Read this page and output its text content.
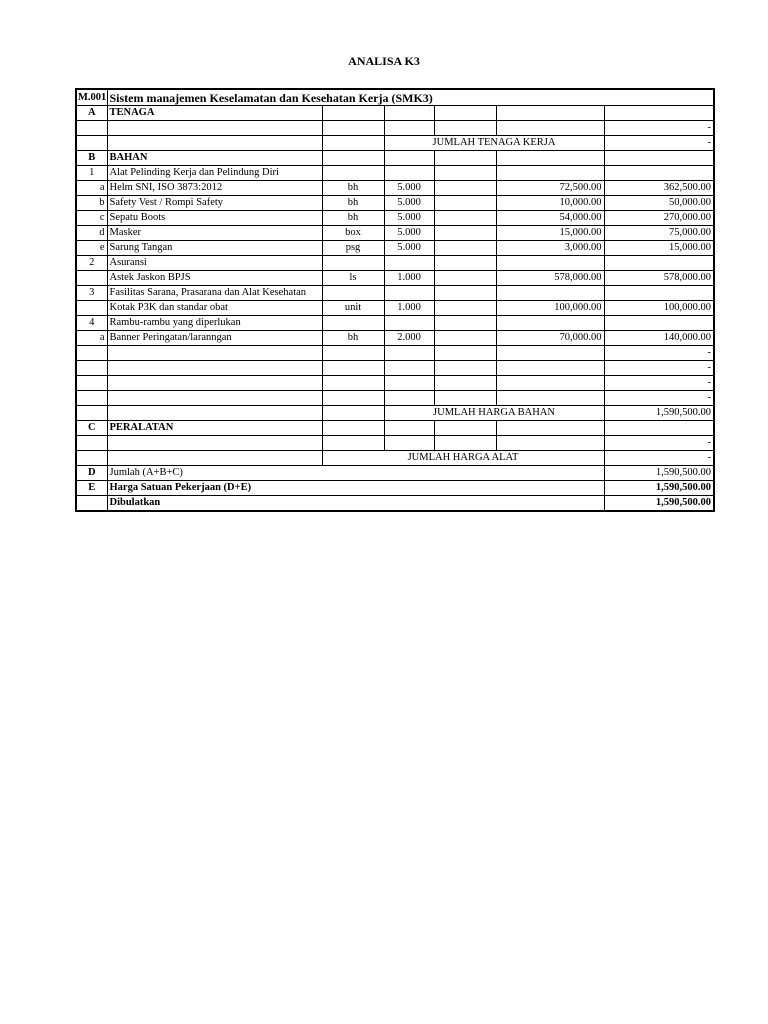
ANALISA K3
M.001	Sistem manajemen Keselamatan dan Kesehatan Kerja (SMK3)					
A	TENAGA					
						-
			JUMLAH TENAGA KERJA			-
B	BAHAN					
1	Alat Pelinding Kerja dan Pelindung Diri					
a	Helm SNI, ISO 3873:2012	bh	5.000		72,500.00	362,500.00
b	Safety Vest / Rompi Safety	bh	5.000		10,000.00	50,000.00
c	Sepatu Boots	bh	5.000		54,000.00	270,000.00
d	Masker	box	5.000		15,000.00	75,000.00
e	Sarung Tangan	psg	5.000		3,000.00	15,000.00
2	Asuransi					
	Astek Jaskon BPJS	ls	1.000		578,000.00	578,000.00
3	Fasilitas Sarana, Prasarana dan Alat Kesehatan					
	Kotak P3K dan standar obat	unit	1.000		100,000.00	100,000.00
4	Rambu-rambu yang diperlukan					
a	Banner Peringatan/laranngan	bh	2.000		70,000.00	140,000.00
						-
						-
						-
						-
			JUMLAH HARGA BAHAN			1,590,500.00
C	PERALATAN					
						-
		JUMLAH HARGA ALAT				-
D	Jumlah (A+B+C)					1,590,500.00
E	Harga Satuan Pekerjaan (D+E)					1,590,500.00
	Dibulatkan					1,590,500.00
